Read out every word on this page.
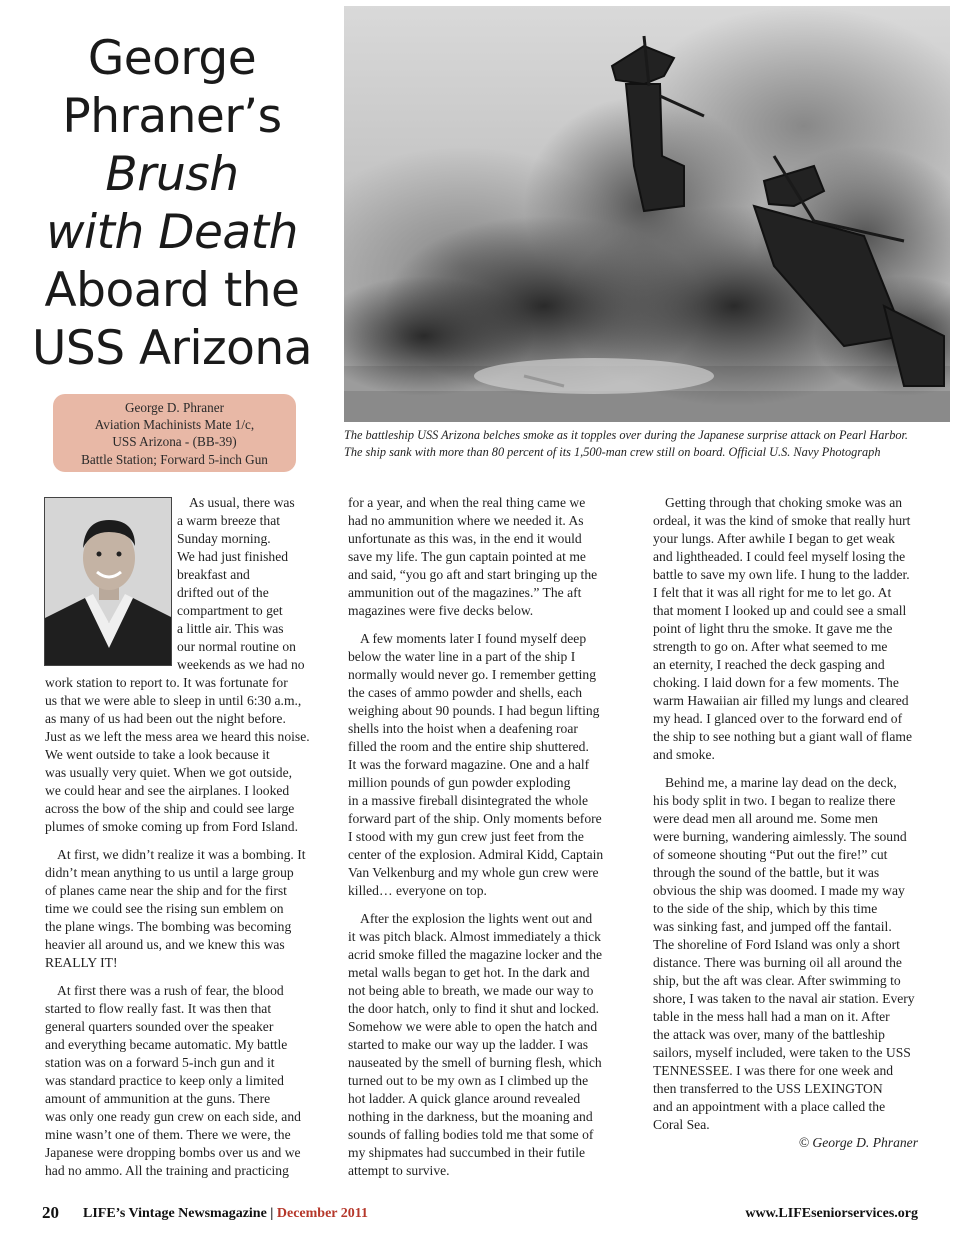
George
Phraner’s
Brush
with Death
Aboard the
USS Arizona
George D. Phraner
Aviation Machinists Mate 1/c,
USS Arizona - (BB-39)
Battle Station; Forward 5-inch Gun
The battleship USS Arizona belches smoke as it topples over during the Japanese surprise attack on Pearl Harbor.
The ship sank with more than 80 percent of its 1,500-man crew still on board. Official U.S. Navy Photograph
As usual, there was
a warm breeze that
Sunday morning.
We had just finished
breakfast and
drifted out of the
compartment to get
a little air. This was
our normal routine on
weekends as we had no
work station to report to. It was fortunate for
us that we were able to sleep in until 6:30 a.m.,
as many of us had been out the night before.
Just as we left the mess area we heard this noise.
We went outside to take a look because it
was usually very quiet. When we got outside,
we could hear and see the airplanes. I looked
across the bow of the ship and could see large
plumes of smoke coming up from Ford Island.
At first, we didn’t realize it was a bombing. It
didn’t mean anything to us until a large group
of planes came near the ship and for the first
time we could see the rising sun emblem on
the plane wings. The bombing was becoming
heavier all around us, and we knew this was
REALLY IT!
At first there was a rush of fear, the blood
started to flow really fast. It was then that
general quarters sounded over the speaker
and everything became automatic. My battle
station was on a forward 5-inch gun and it
was standard practice to keep only a limited
amount of ammunition at the guns. There
was only one ready gun crew on each side, and
mine wasn’t one of them. There we were, the
Japanese were dropping bombs over us and we
had no ammo. All the training and practicing
for a year, and when the real thing came we
had no ammunition where we needed it. As
unfortunate as this was, in the end it would
save my life. The gun captain pointed at me
and said, “you go aft and start bringing up the
ammunition out of the magazines.” The aft
magazines were five decks below.
A few moments later I found myself deep
below the water line in a part of the ship I
normally would never go. I remember getting
the cases of ammo powder and shells, each
weighing about 90 pounds. I had begun lifting
shells into the hoist when a deafening roar
filled the room and the entire ship shuttered.
It was the forward magazine. One and a half
million pounds of gun powder exploding
in a massive fireball disintegrated the whole
forward part of the ship. Only moments before
I stood with my gun crew just feet from the
center of the explosion. Admiral Kidd, Captain
Van Velkenburg and my whole gun crew were
killed… everyone on top.
After the explosion the lights went out and
it was pitch black. Almost immediately a thick
acrid smoke filled the magazine locker and the
metal walls began to get hot. In the dark and
not being able to breath, we made our way to
the door hatch, only to find it shut and locked.
Somehow we were able to open the hatch and
started to make our way up the ladder. I was
nauseated by the smell of burning flesh, which
turned out to be my own as I climbed up the
hot ladder. A quick glance around revealed
nothing in the darkness, but the moaning and
sounds of falling bodies told me that some of
my shipmates had succumbed in their futile
attempt to survive.
Getting through that choking smoke was an
ordeal, it was the kind of smoke that really hurt
your lungs. After awhile I began to get weak
and lightheaded. I could feel myself losing the
battle to save my own life. I hung to the ladder.
I felt that it was all right for me to let go. At
that moment I looked up and could see a small
point of light thru the smoke. It gave me the
strength to go on. After what seemed to me
an eternity, I reached the deck gasping and
choking. I laid down for a few moments. The
warm Hawaiian air filled my lungs and cleared
my head. I glanced over to the forward end of
the ship to see nothing but a giant wall of flame
and smoke.
Behind me, a marine lay dead on the deck,
his body split in two. I began to realize there
were dead men all around me. Some men
were burning, wandering aimlessly. The sound
of someone shouting “Put out the fire!” cut
through the sound of the battle, but it was
obvious the ship was doomed. I made my way
to the side of the ship, which by this time
was sinking fast, and jumped off the fantail.
The shoreline of Ford Island was only a short
distance. There was burning oil all around the
ship, but the aft was clear. After swimming to
shore, I was taken to the naval air station. Every
table in the mess hall had a man on it. After
the attack was over, many of the battleship
sailors, myself included, were taken to the USS
TENNESSEE. I was there for one week and
then transferred to the USS LEXINGTON
and an appointment with a place called the
Coral Sea.
© George D. Phraner
20 LIFE’s Vintage Newsmagazine | December 2011	www.LIFEseniorservices.org
